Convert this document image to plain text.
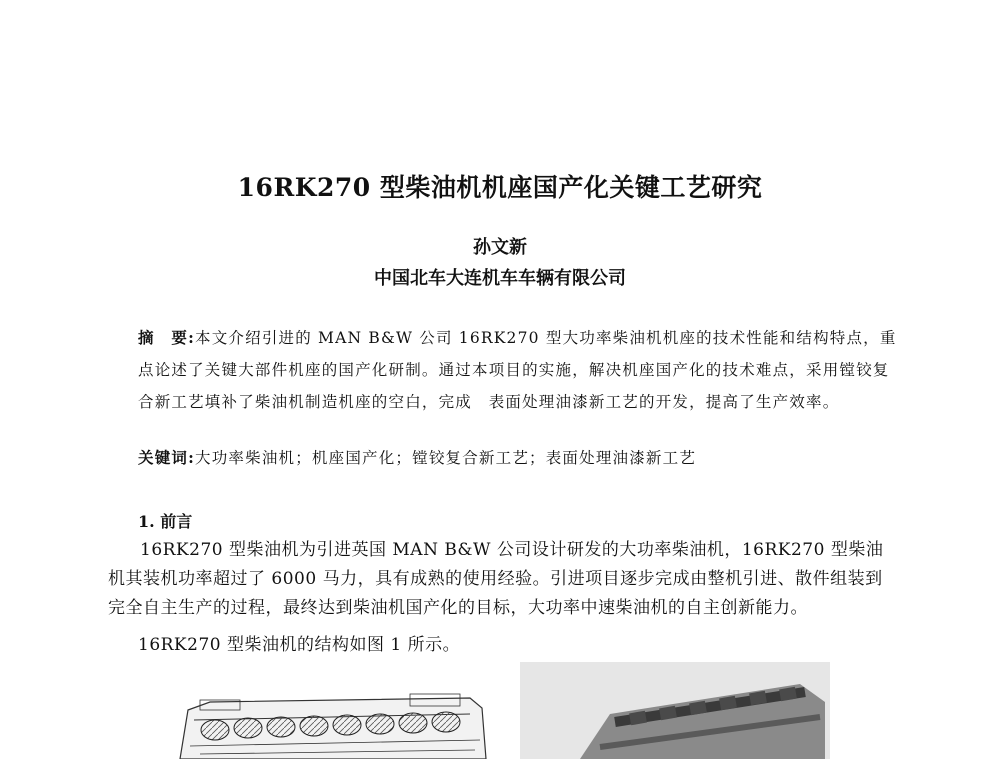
16RK270 型柴油机机座国产化关键工艺研究
孙文新
中国北车大连机车车辆有限公司
摘　要:本文介绍引进的 MAN B&W 公司 16RK270 型大功率柴油机机座的技术性能和结构特点，重点论述了关键大部件机座的国产化研制。通过本项目的实施，解决机座国产化的技术难点，采用镗铰复合新工艺填补了柴油机制造机座的空白，完成　表面处理油漆新工艺的开发，提高了生产效率。
关键词:大功率柴油机；机座国产化；镗铰复合新工艺；表面处理油漆新工艺
1. 前言
16RK270 型柴油机为引进英国 MAN B&W 公司设计研发的大功率柴油机，16RK270 型柴油机其装机功率超过了 6000 马力，具有成熟的使用经验。引进项目逐步完成由整机引进、散件组装到完全自主生产的过程，最终达到柴油机国产化的目标，大功率中速柴油机的自主创新能力。
16RK270 型柴油机的结构如图 1 所示。
